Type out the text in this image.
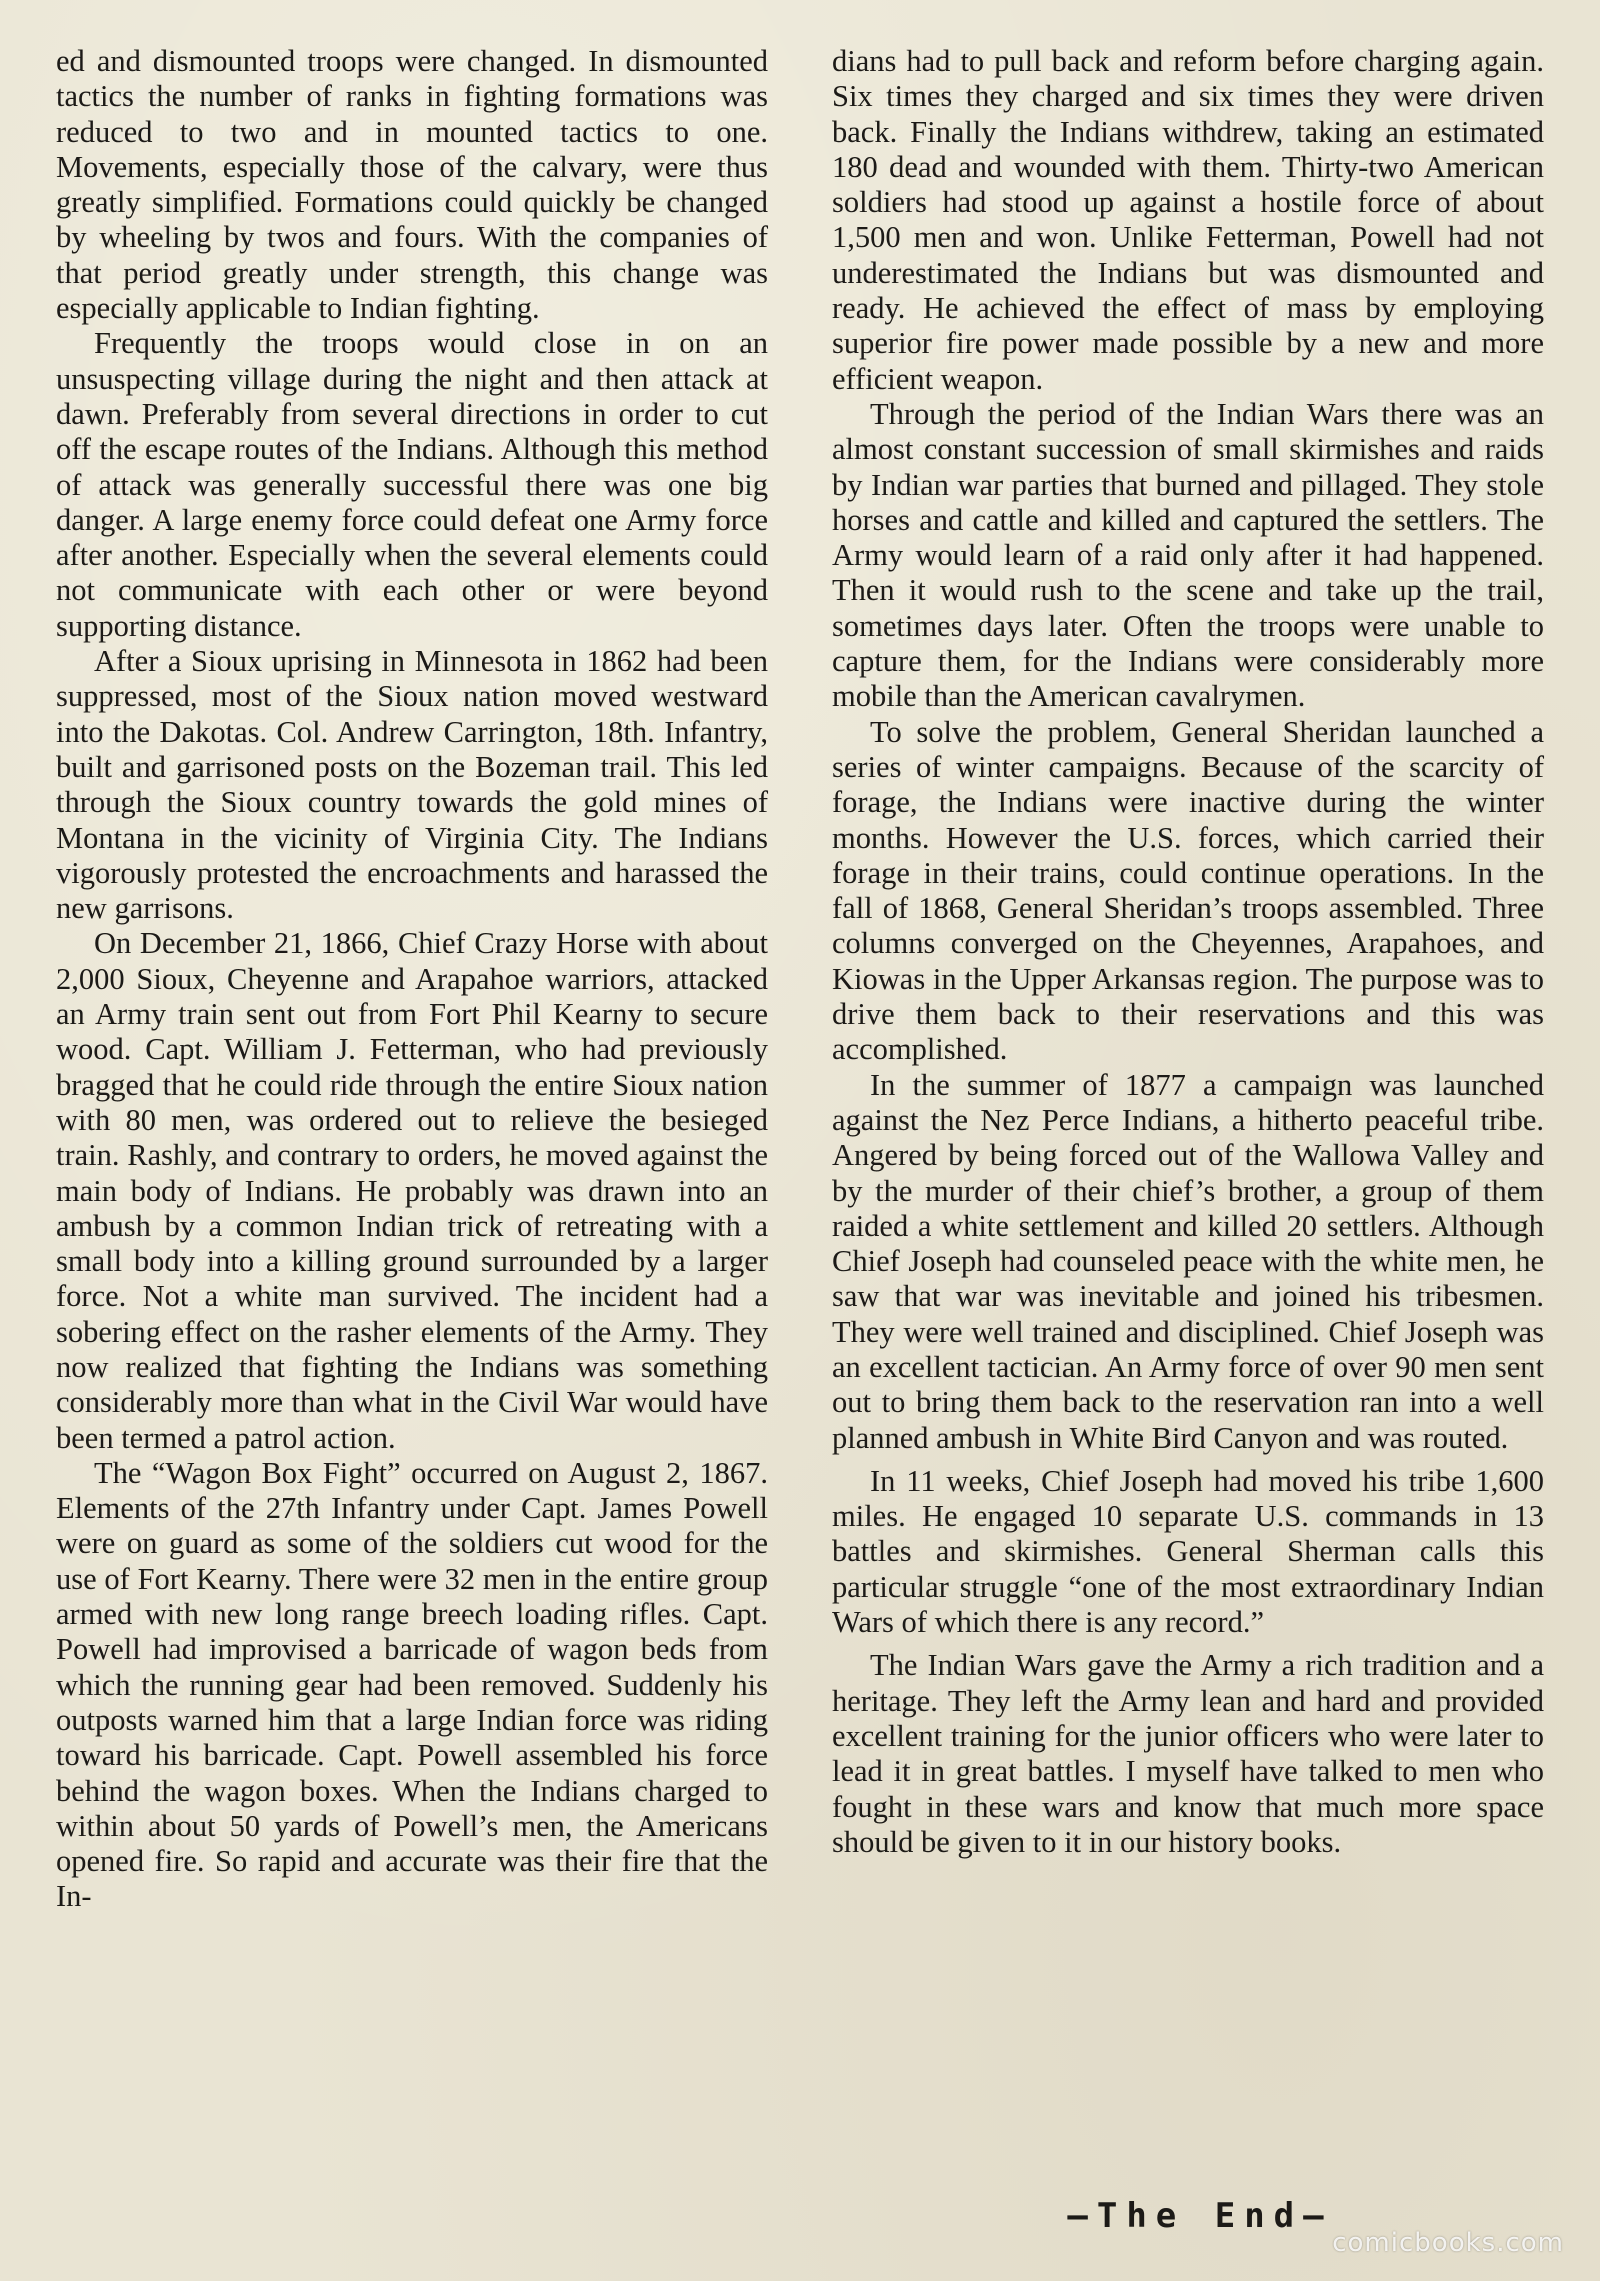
ed and dismounted troops were changed. In dismounted tactics the number of ranks in fighting formations was reduced to two and in mounted tactics to one. Movements, especially those of the calvary, were thus greatly simplified. Formations could quickly be changed by wheeling by twos and fours. With the companies of that period greatly under strength, this change was especially applicable to Indian fighting.

Frequently the troops would close in on an unsuspecting village during the night and then attack at dawn. Preferably from several directions in order to cut off the escape routes of the Indians. Although this method of attack was generally successful there was one big danger. A large enemy force could defeat one Army force after another. Especially when the several elements could not communicate with each other or were beyond supporting distance.

After a Sioux uprising in Minnesota in 1862 had been suppressed, most of the Sioux nation moved westward into the Dakotas. Col. Andrew Carrington, 18th. Infantry, built and garrisoned posts on the Bozeman trail. This led through the Sioux country towards the gold mines of Montana in the vicinity of Virginia City. The Indians vigorously protested the encroachments and harassed the new garrisons.

On December 21, 1866, Chief Crazy Horse with about 2,000 Sioux, Cheyenne and Arapahoe warriors, attacked an Army train sent out from Fort Phil Kearny to secure wood. Capt. William J. Fetterman, who had previously bragged that he could ride through the entire Sioux nation with 80 men, was ordered out to relieve the besieged train. Rashly, and contrary to orders, he moved against the main body of Indians. He probably was drawn into an ambush by a common Indian trick of retreating with a small body into a killing ground surrounded by a larger force. Not a white man survived. The incident had a sobering effect on the rasher elements of the Army. They now realized that fighting the Indians was something considerably more than what in the Civil War would have been termed a patrol action.

The “Wagon Box Fight” occurred on August 2, 1867. Elements of the 27th Infantry under Capt. James Powell were on guard as some of the soldiers cut wood for the use of Fort Kearny. There were 32 men in the entire group armed with new long range breech loading rifles. Capt. Powell had improvised a barricade of wagon beds from which the running gear had been removed. Suddenly his outposts warned him that a large Indian force was riding toward his barricade. Capt. Powell assembled his force behind the wagon boxes. When the Indians charged to within about 50 yards of Powell’s men, the Americans opened fire. So rapid and accurate was their fire that the In-

dians had to pull back and reform before charging again. Six times they charged and six times they were driven back. Finally the Indians withdrew, taking an estimated 180 dead and wounded with them. Thirty-two American soldiers had stood up against a hostile force of about 1,500 men and won. Unlike Fetterman, Powell had not underestimated the Indians but was dismounted and ready. He achieved the effect of mass by employing superior fire power made possible by a new and more efficient weapon.

Through the period of the Indian Wars there was an almost constant succession of small skirmishes and raids by Indian war parties that burned and pillaged. They stole horses and cattle and killed and captured the settlers. The Army would learn of a raid only after it had happened. Then it would rush to the scene and take up the trail, sometimes days later. Often the troops were unable to capture them, for the Indians were considerably more mobile than the American cavalrymen.

To solve the problem, General Sheridan launched a series of winter campaigns. Because of the scarcity of forage, the Indians were inactive during the winter months. However the U.S. forces, which carried their forage in their trains, could continue operations. In the fall of 1868, General Sheridan’s troops assembled. Three columns converged on the Cheyennes, Arapahoes, and Kiowas in the Upper Arkansas region. The purpose was to drive them back to their reservations and this was accomplished.

In the summer of 1877 a campaign was launched against the Nez Perce Indians, a hitherto peaceful tribe. Angered by being forced out of the Wallowa Valley and by the murder of their chief’s brother, a group of them raided a white settlement and killed 20 settlers. Although Chief Joseph had counseled peace with the white men, he saw that war was inevitable and joined his tribesmen. They were well trained and disciplined. Chief Joseph was an excellent tactician. An Army force of over 90 men sent out to bring them back to the reservation ran into a well planned ambush in White Bird Canyon and was routed.

In 11 weeks, Chief Joseph had moved his tribe 1,600 miles. He engaged 10 separate U.S. commands in 13 battles and skirmishes. General Sherman calls this particular struggle “one of the most extraordinary Indian Wars of which there is any record.”

The Indian Wars gave the Army a rich tradition and a heritage. They left the Army lean and hard and provided excellent training for the junior officers who were later to lead it in great battles. I myself have talked to men who fought in these wars and know that much more space should be given to it in our history books.

—The End—
comicbooks.com
